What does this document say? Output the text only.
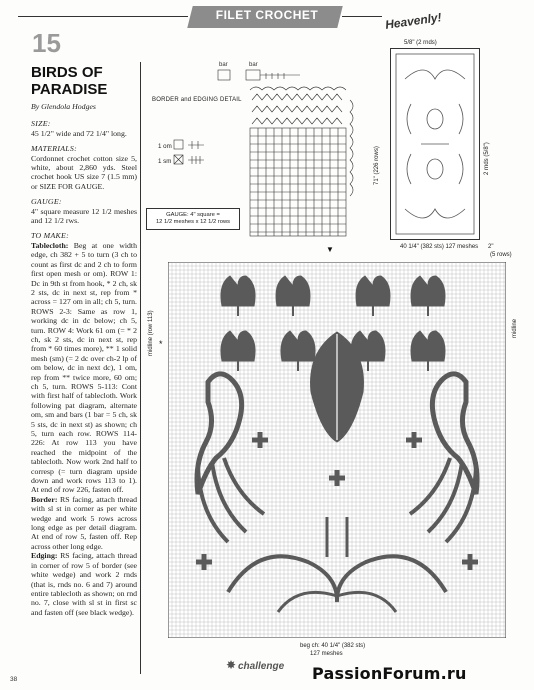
FILET CROCHET
15
BIRDS OF
PARADISE
By Glendola Hodges
SIZE:
45 1/2" wide and 72 1/4" long.
MATERIALS:
Cordonnet crochet cotton size 5, white, about 2,860 yds. Steel crochet hook US size 7 (1.5 mm) or SIZE FOR GAUGE.
GAUGE:
4" square measure 12 1/2 meshes and 12 1/2 rws.
TO MAKE:
Tablecloth: Beg at one width edge, ch 382 + 5 to turn (3 ch to count as first dc and 2 ch to form first open mesh or om). ROW 1: Dc in 9th st from hook, * 2 ch, sk 2 sts, dc in next st, rep from * across = 127 om in all; ch 5, turn. ROWS 2-3: Same as row 1, working dc in dc below; ch 5, turn. ROW 4: Work 61 om (= * 2 ch, sk 2 sts, dc in next st, rep from * 60 times more), ** 1 solid mesh (sm) (= 2 dc over ch-2 lp of om below, dc in next dc), 1 om, rep from ** twice more, 60 om; ch 5, turn. ROWS 5-113: Cont with first half of tablecloth. Work following pat diagram, alternate om, sm and bars (1 bar = 5 ch, sk 5 sts, dc in next st) as shown; ch 5, turn each row. ROWS 114-226: At row 113 you have reached the midpoint of the tablecloth. Now work 2nd half to corresp (= turn diagram upside down and work rows 113 to 1). At end of row 226, fasten off.
Border: RS facing, attach thread with sl st in corner as per white wedge and work 5 rows across long edge as per detail diagram. At end of row 5, fasten off. Rep across other long edge.
Edging: RS facing, attach thread in corner of row 5 of border (see white wedge) and work 2 rnds (that is, rnds no. 6 and 7) around entire tablecloth as shown; on rnd no. 7, close with sl st in first sc and fasten off (see black wedge).
bar	bar
BORDER and EDGING DETAIL
1 om
1 sm
GAUGE: 4" square =
12 1/2 meshes x 12 1/2 rows
Heavenly!
5/8" (2 rnds)
71" (226 rows)	2 rnds (5/8")
40 1/4" (382 sts) 127 meshes 2"
(5 rows)
▼
*
midline (row 113)	midline
beg ch: 40 1/4" (382 sts)
127 meshes
38
✸ challenge PassionForum.ru
